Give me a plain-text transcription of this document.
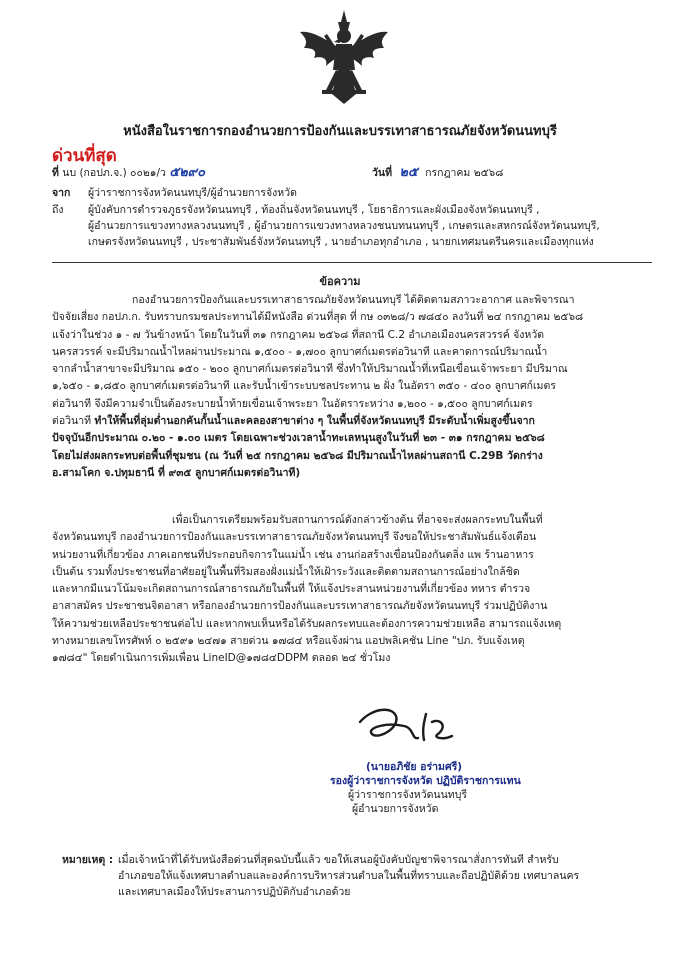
หนังสือในราชการกองอำนวยการป้องกันและบรรเทาสาธารณภัยจังหวัดนนทบุรี
ด่วนที่สุด
ที่ นบ (กอปภ.จ.) ๐๐๒๑/ว ๕๒๙๐	วันที่ ๒๕ กรกฎาคม ๒๕๖๘
จาก ผู้ว่าราชการจังหวัดนนทบุรี/ผู้อำนวยการจังหวัด
ถึง ผู้บังคับการตำรวจภูธรจังหวัดนนทบุรี , ท้องถิ่นจังหวัดนนทบุรี , โยธาธิการและผังเมืองจังหวัดนนทบุรี ,
ผู้อำนวยการแขวงทางหลวงนนทบุรี , ผู้อำนวยการแขวงทางหลวงชนบทนนทบุรี , เกษตรและสหกรณ์จังหวัดนนทบุรี,
เกษตรจังหวัดนนทบุรี , ประชาสัมพันธ์จังหวัดนนทบุรี , นายอำเภอทุกอำเภอ , นายกเทศมนตรีนครและเมืองทุกแห่ง
ข้อความ

กองอำนวยการป้องกันและบรรเทาสาธารณภัยจังหวัดนนทบุรี ได้ติดตามสภาวะอากาศ และพิจารณา

ปัจจัยเสี่ยง กอปภ.ก. รับทราบกรมชลประทานได้มีหนังสือ ด่วนที่สุด ที่ กษ ๐๓๒๘/ว ๗๘๔๐ ลงวันที่ ๒๔ กรกฎาคม ๒๕๖๘

แจ้งว่าในช่วง ๑ - ๗ วันข้างหน้า โดยในวันที่ ๓๑ กรกฎาคม ๒๕๖๘ ที่สถานี C.2 อำเภอเมืองนครสวรรค์ จังหวัด

นครสวรรค์ จะมีปริมาณน้ำไหลผ่านประมาณ ๑,๕๐๐ - ๑,๗๐๐ ลูกบาศก์เมตรต่อวินาที และคาดการณ์ปริมาณน้ำ

จากลำน้ำสาขาจะมีปริมาณ ๑๕๐ - ๒๐๐ ลูกบาศก์เมตรต่อวินาที ซึ่งทำให้ปริมาณน้ำที่เหนือเขื่อนเจ้าพระยา มีปริมาณ

๑,๖๕๐ - ๑,๘๕๐ ลูกบาศก์เมตรต่อวินาที และรับน้ำเข้าระบบชลประทาน ๒ ฝั่ง ในอัตรา ๓๕๐ - ๔๐๐ ลูกบาศก์เมตร

ต่อวินาที จึงมีความจำเป็นต้องระบายน้ำท้ายเขื่อนเจ้าพระยา ในอัตราระหว่าง ๑,๒๐๐ - ๑,๕๐๐ ลูกบาศก์เมตร

ต่อวินาที ทำให้พื้นที่ลุ่มต่ำนอกคันกั้นน้ำและคลองสาขาต่าง ๆ ในพื้นที่จังหวัดนนทบุรี มีระดับน้ำเพิ่มสูงขึ้นจาก

ปัจจุบันอีกประมาณ ๐.๒๐ - ๑.๐๐ เมตร โดยเฉพาะช่วงเวลาน้ำทะเลหนุนสูงในวันที่ ๒๓ - ๓๑ กรกฎาคม ๒๕๖๘

โดยไม่ส่งผลกระทบต่อพื้นที่ชุมชน (ณ วันที่ ๒๕ กรกฎาคม ๒๕๖๘ มีปริมาณน้ำไหลผ่านสถานี C.29B วัดกร่าง

อ.สามโคก จ.ปทุมธานี ที่ ๙๓๕ ลูกบาศก์เมตรต่อวินาที)

เพื่อเป็นการเตรียมพร้อมรับสถานการณ์ดังกล่าวข้างต้น ที่อาจจะส่งผลกระทบในพื้นที่

จังหวัดนนทบุรี กองอำนวยการป้องกันและบรรเทาสาธารณภัยจังหวัดนนทบุรี จึงขอให้ประชาสัมพันธ์แจ้งเตือน

หน่วยงานที่เกี่ยวข้อง ภาคเอกชนที่ประกอบกิจการในแม่น้ำ เช่น งานก่อสร้างเขื่อนป้องกันตลิ่ง แพ ร้านอาหาร

เป็นต้น รวมทั้งประชาชนที่อาศัยอยู่ในพื้นที่ริมสองฝั่งแม่น้ำให้เฝ้าระวังและติดตามสถานการณ์อย่างใกล้ชิด

และหากมีแนวโน้มจะเกิดสถานการณ์สาธารณภัยในพื้นที่ ให้แจ้งประสานหน่วยงานที่เกี่ยวข้อง ทหาร ตำรวจ

อาสาสมัคร ประชาชนจิตอาสา หรือกองอำนวยการป้องกันและบรรเทาสาธารณภัยจังหวัดนนทบุรี ร่วมปฏิบัติงาน

ให้ความช่วยเหลือประชาชนต่อไป และหากพบเห็นหรือได้รับผลกระทบและต้องการความช่วยเหลือ สามารถแจ้งเหตุ

ทางหมายเลขโทรศัพท์ ๐ ๒๕๙๑ ๒๔๗๑ สายด่วน ๑๗๘๔ หรือแจ้งผ่าน แอปพลิเคชัน Line "ปภ. รับแจ้งเหตุ

๑๗๘๔" โดยดำเนินการเพิ่มเพื่อน LineID@๑๗๘๔DDPM ตลอด ๒๔ ชั่วโมง

(นายอภิชัย อร่ามศรี)
รองผู้ว่าราชการจังหวัด ปฏิบัติราชการแทน
ผู้ว่าราชการจังหวัดนนทบุรี
ผู้อำนวยการจังหวัด
หมายเหตุ : เมื่อเจ้าหน้าที่ได้รับหนังสือด่วนที่สุดฉบับนี้แล้ว ขอให้เสนอผู้บังคับบัญชาพิจารณาสั่งการทันที สำหรับ
อำเภอขอให้แจ้งเทศบาลตำบลและองค์การบริหารส่วนตำบลในพื้นที่ทราบและถือปฏิบัติด้วย เทศบาลนคร
และเทศบาลเมืองให้ประสานการปฏิบัติกับอำเภอด้วย
